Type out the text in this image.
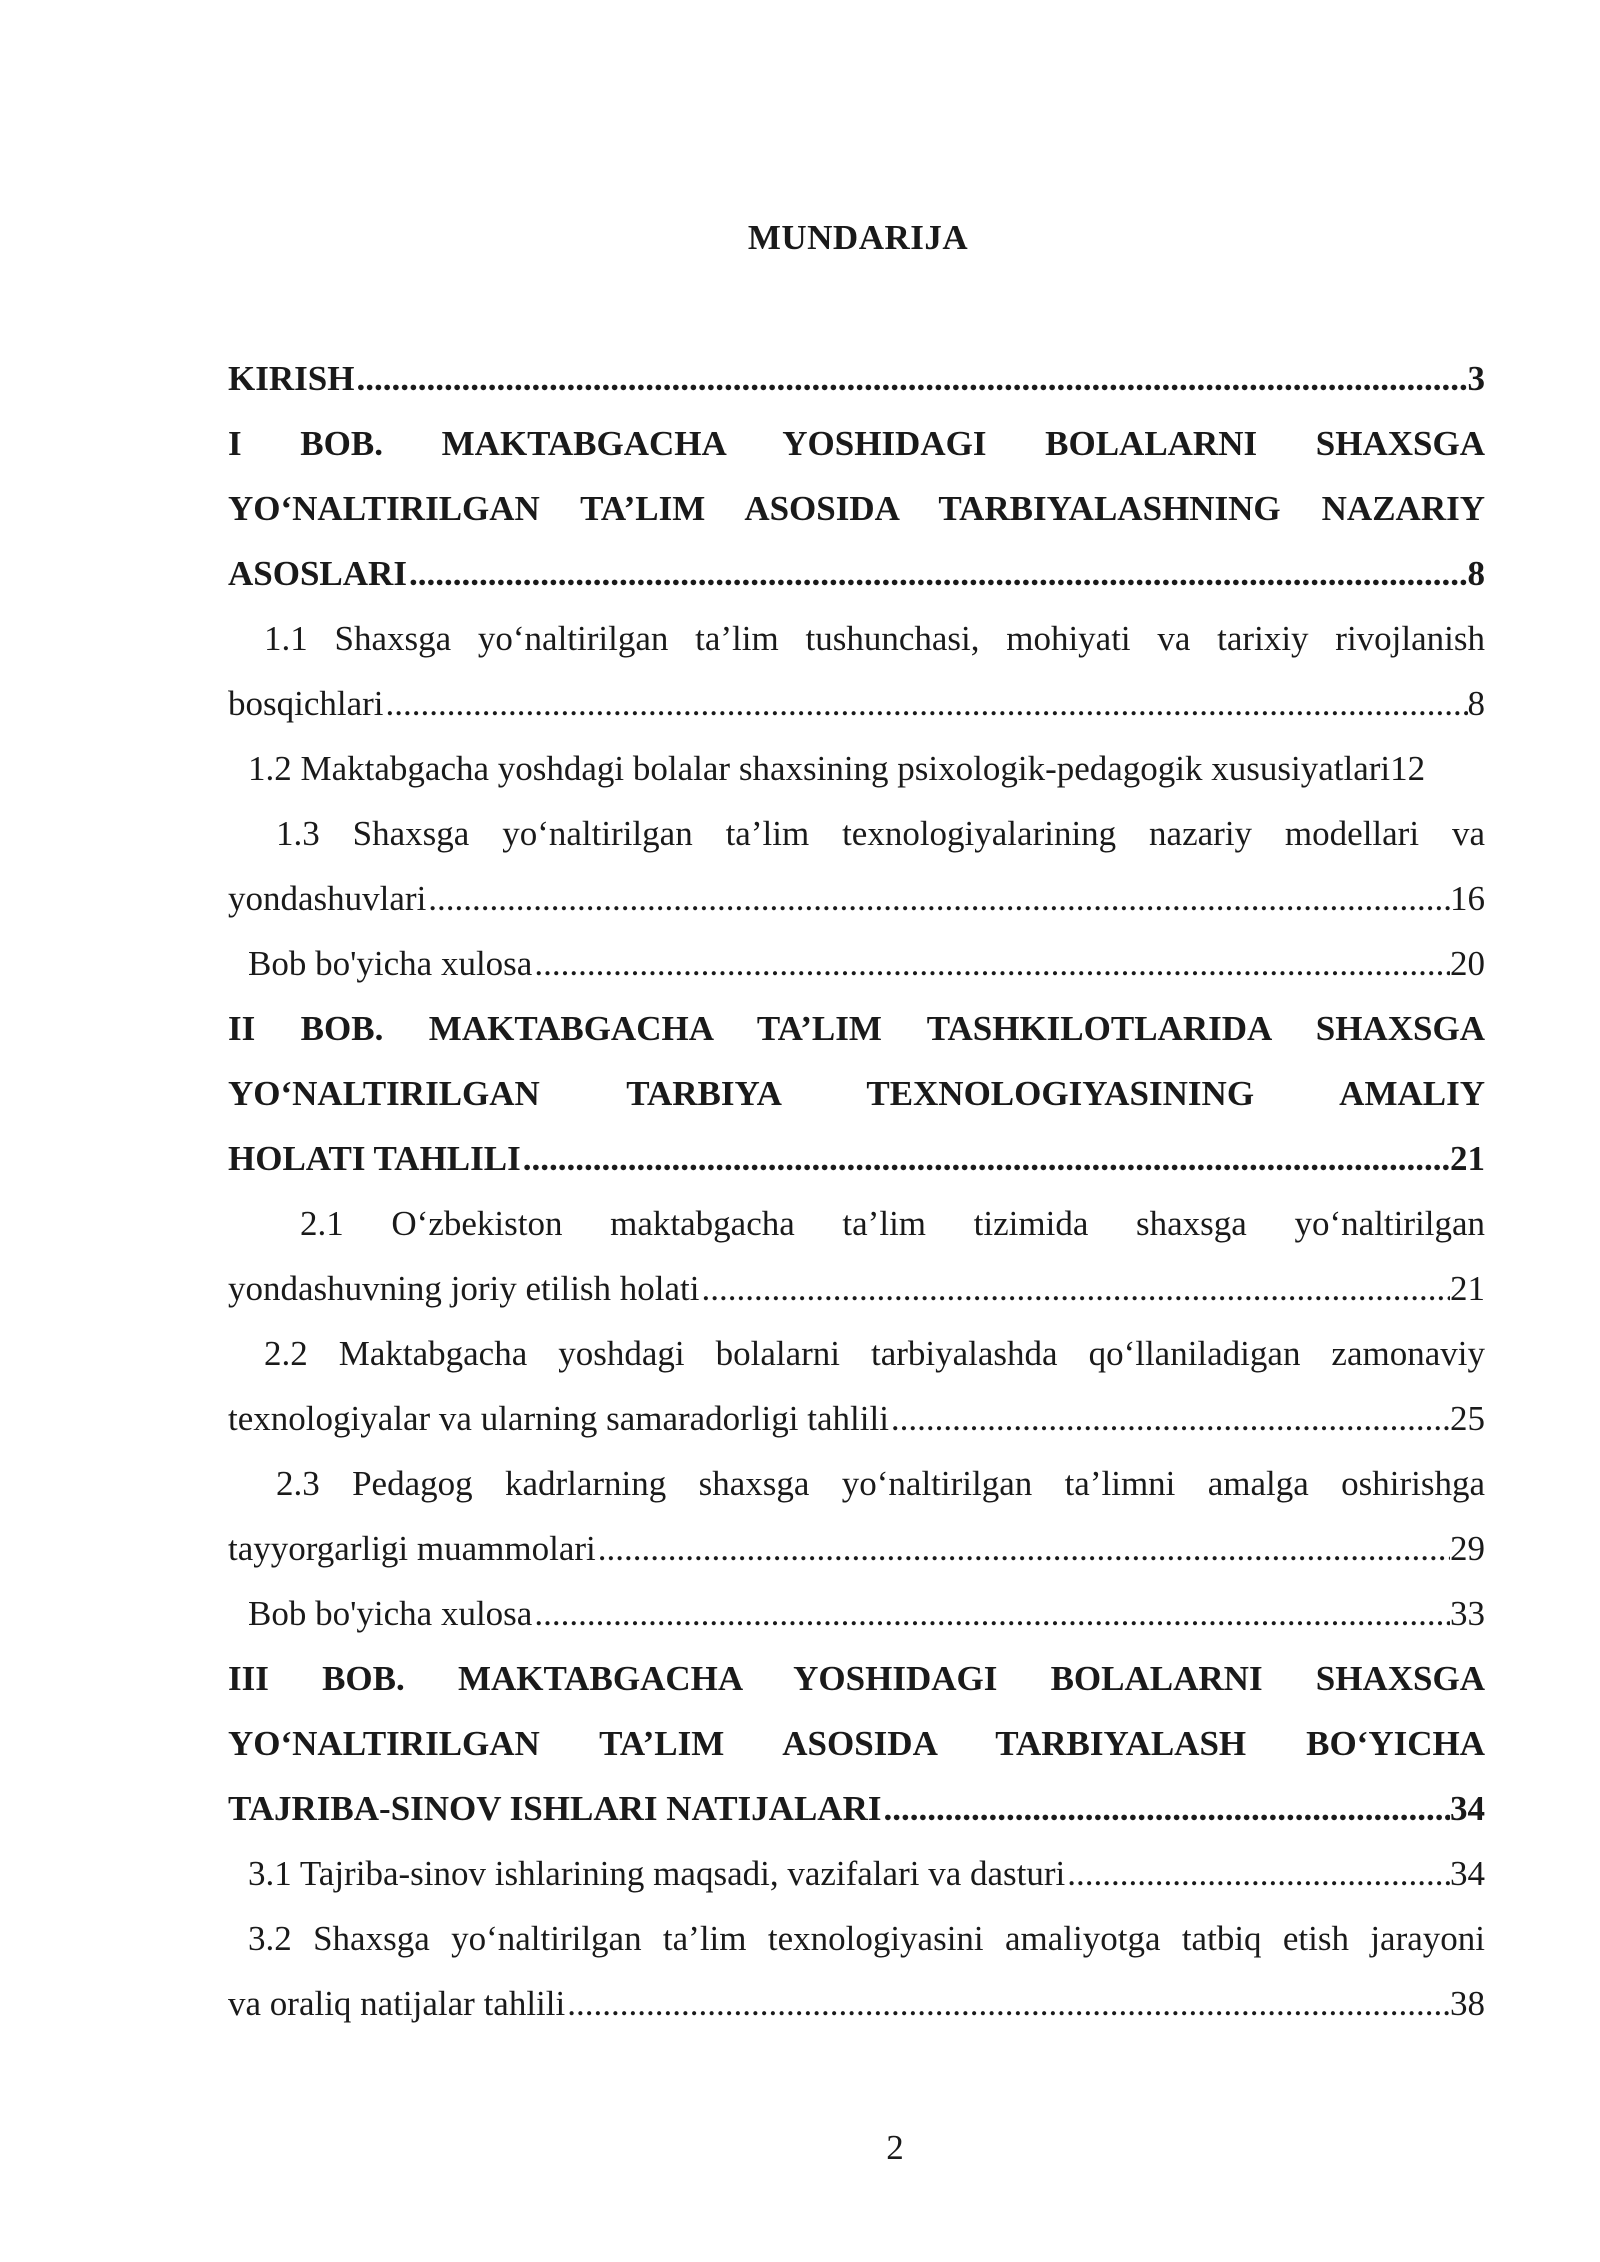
MUNDARIJA
KIRISH .....	3
I BOB. MAKTABGACHA YOSHIDAGI BOLALARNI SHAXSGA
YO‘NALTIRILGAN TA’LIM ASOSIDA TARBIYALASHNING NAZARIY
ASOSLARI .....	8
1.1 Shaxsga yo‘naltirilgan ta’lim tushunchasi, mohiyati va tarixiy rivojlanish
bosqichlari .....	8
1.2 Maktabgacha yoshdagi bolalar shaxsining psixologik-pedagogik xususiyatlari 12
1.3 Shaxsga yo‘naltirilgan ta’lim texnologiyalarining nazariy modellari va
yondashuvlari .....	16
Bob bo'yicha xulosa .....	20
II BOB. MAKTABGACHA TA’LIM TASHKILOTLARIDA SHAXSGA
YO‘NALTIRILGAN TARBIYA TEXNOLOGIYASINING AMALIY
HOLATI TAHLILI .....	21
2.1 O‘zbekiston maktabgacha ta’lim tizimida shaxsga yo‘naltirilgan
yondashuvning joriy etilish holati .....	21
2.2 Maktabgacha yoshdagi bolalarni tarbiyalashda qo‘llaniladigan zamonaviy
texnologiyalar va ularning samaradorligi tahlili .....	25
2.3 Pedagog kadrlarning shaxsga yo‘naltirilgan ta’limni amalga oshirishga
tayyorgarligi muammolari .....	29
Bob bo'yicha xulosa .....	33
III BOB. MAKTABGACHA YOSHIDAGI BOLALARNI SHAXSGA
YO‘NALTIRILGAN TA’LIM ASOSIDA TARBIYALASH BO‘YICHA
TAJRIBA-SINOV ISHLARI NATIJALARI .....	34
3.1 Tajriba-sinov ishlarining maqsadi, vazifalari va dasturi .....	34
3.2 Shaxsga yo‘naltirilgan ta’lim texnologiyasini amaliyotga tatbiq etish jarayoni
va oraliq natijalar tahlili .....	38
2
